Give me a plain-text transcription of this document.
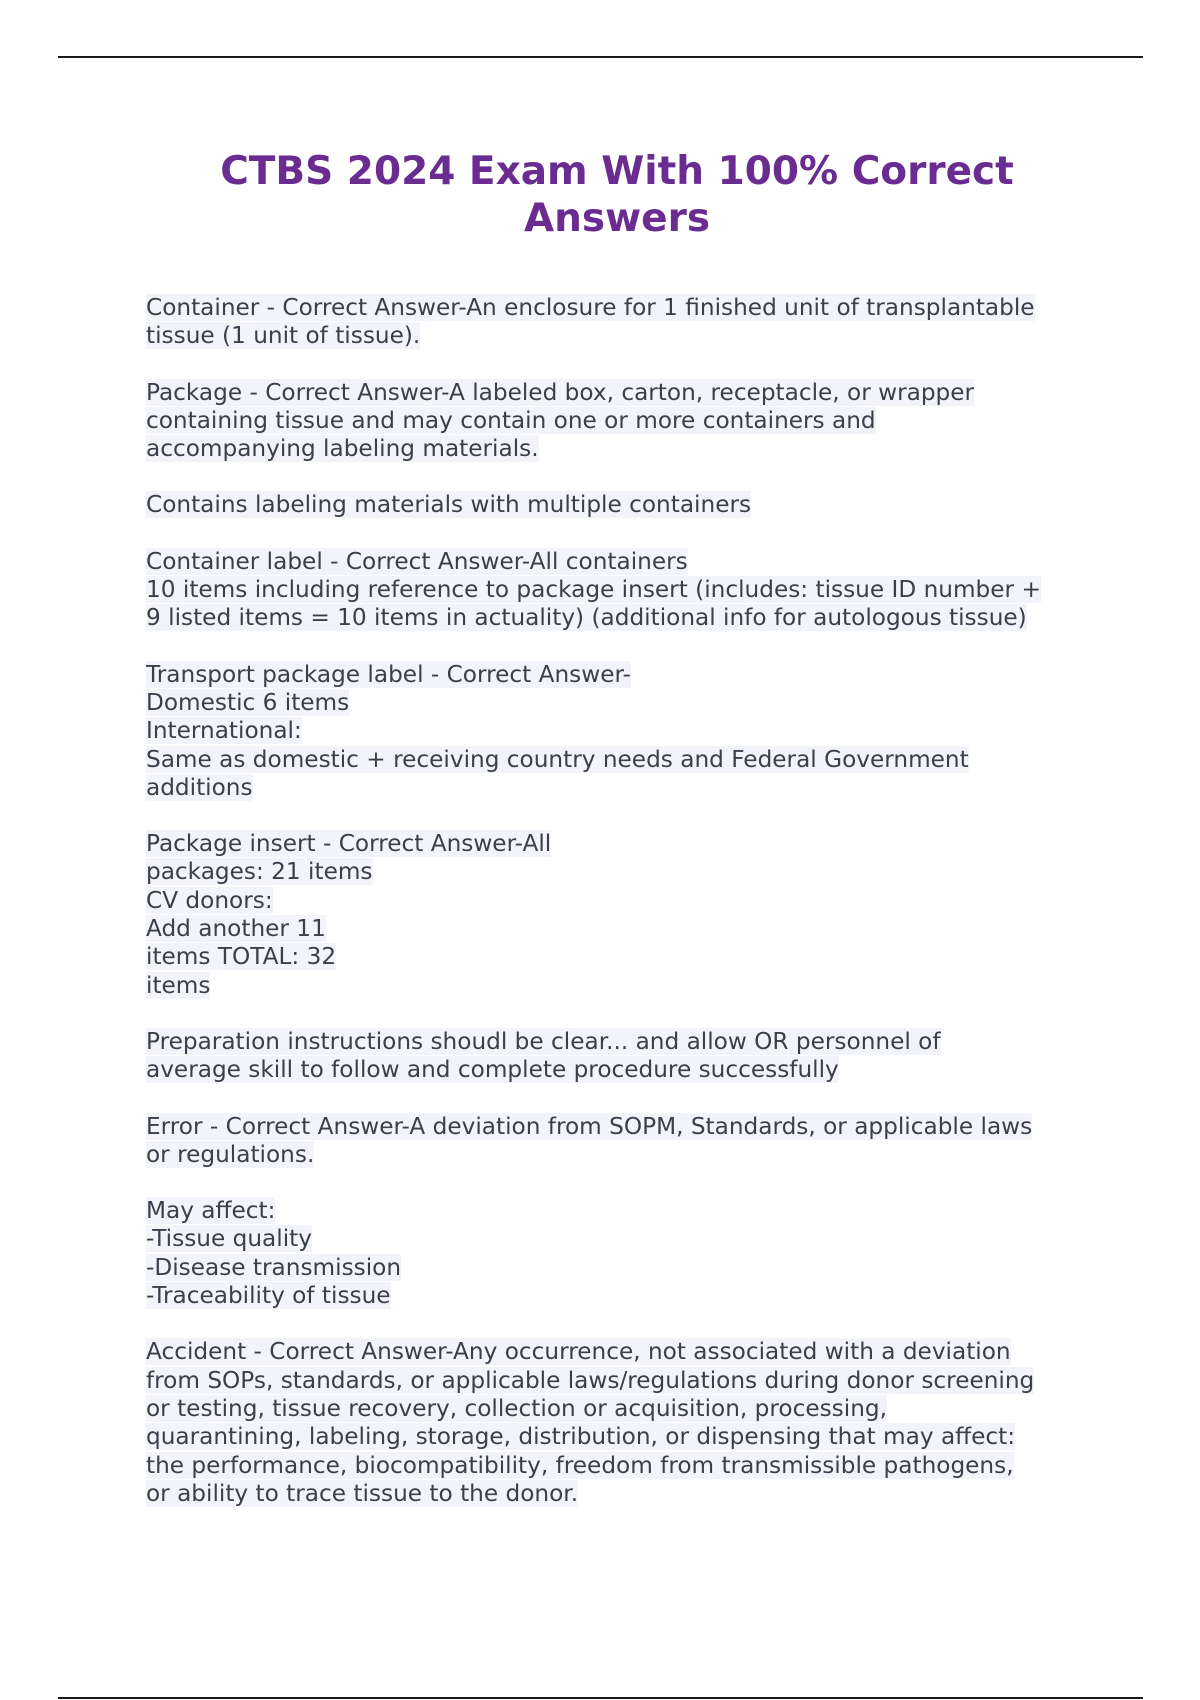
CTBS 2024 Exam With 100% Correct
Answers

Container - Correct Answer-An enclosure for 1 finished unit of transplantable
tissue (1 unit of tissue).

Package - Correct Answer-A labeled box, carton, receptacle, or wrapper
containing tissue and may contain one or more containers and
accompanying labeling materials.

Contains labeling materials with multiple containers

Container label - Correct Answer-All containers
10 items including reference to package insert (includes: tissue ID number +
9 listed items = 10 items in actuality) (additional info for autologous tissue)

Transport package label - Correct Answer-
Domestic 6 items
International:
Same as domestic + receiving country needs and Federal Government
additions

Package insert - Correct Answer-All
packages: 21 items
CV donors:
Add another 11
items TOTAL: 32
items

Preparation instructions shoudl be clear... and allow OR personnel of
average skill to follow and complete procedure successfully

Error - Correct Answer-A deviation from SOPM, Standards, or applicable laws
or regulations.

May affect:
-Tissue quality
-Disease transmission
-Traceability of tissue

Accident - Correct Answer-Any occurrence, not associated with a deviation
from SOPs, standards, or applicable laws/regulations during donor screening
or testing, tissue recovery, collection or acquisition, processing,
quarantining, labeling, storage, distribution, or dispensing that may affect:
the performance, biocompatibility, freedom from transmissible pathogens,
or ability to trace tissue to the donor.
